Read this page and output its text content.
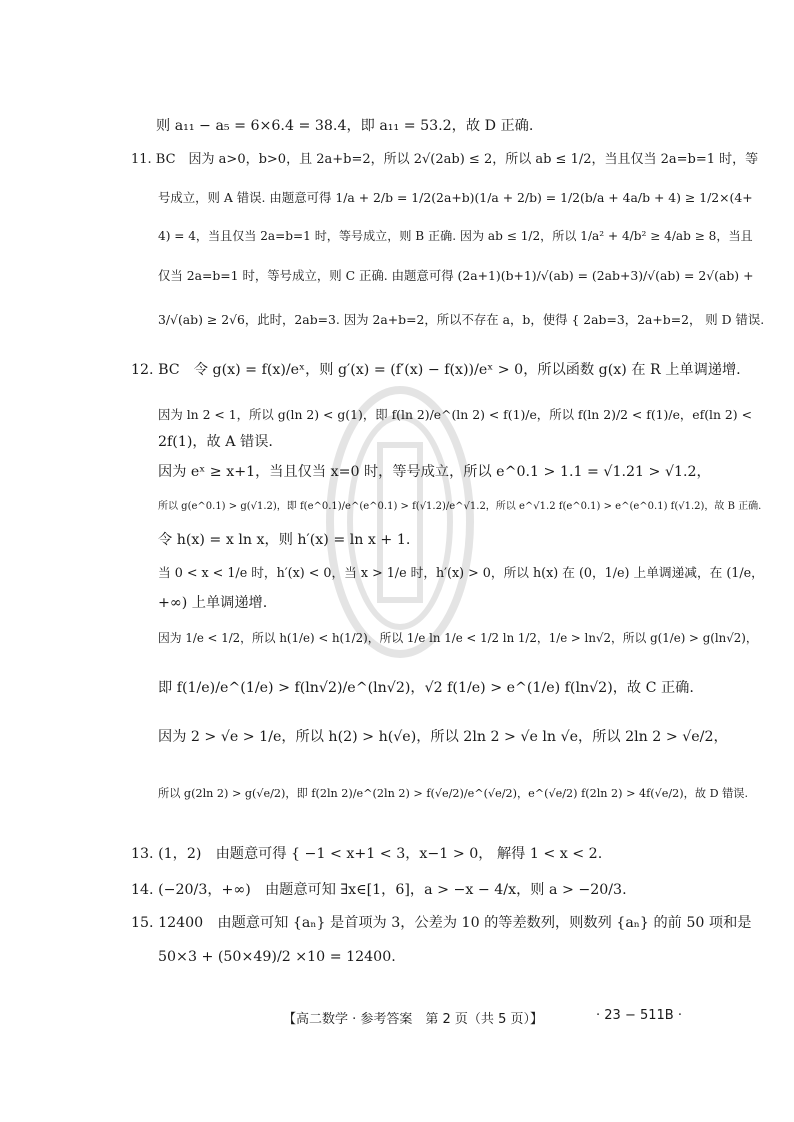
则 a₁₁ − a₅ = 6×6.4 = 38.4，即 a₁₁ = 53.2，故 D 正确.
11. BC　因为 a>0，b>0，且 2a+b=2，所以 2√(2ab) ≤ 2，所以 ab ≤ 1/2，当且仅当 2a=b=1 时，等
号成立，则 A 错误. 由题意可得 1/a + 2/b = 1/2(2a+b)(1/a + 2/b) = 1/2(b/a + 4a/b + 4) ≥ 1/2×(4+
4) = 4，当且仅当 2a=b=1 时，等号成立，则 B 正确. 因为 ab ≤ 1/2，所以 1/a² + 4/b² ≥ 4/ab ≥ 8，当且
仅当 2a=b=1 时，等号成立，则 C 正确. 由题意可得 (2a+1)(b+1)/√(ab) = (2ab+3)/√(ab) = 2√(ab) +
3/√(ab) ≥ 2√6，此时，2ab=3. 因为 2a+b=2，所以不存在 a，b，使得 { 2ab=3，2a+b=2， 则 D 错误.
12. BC　令 g(x) = f(x)/eˣ，则 g′(x) = (f′(x) − f(x))/eˣ > 0，所以函数 g(x) 在 R 上单调递增.
因为 ln 2 < 1，所以 g(ln 2) < g(1)，即 f(ln 2)/e^(ln 2) < f(1)/e，所以 f(ln 2)/2 < f(1)/e，ef(ln 2) <
2f(1)，故 A 错误.
因为 eˣ ≥ x+1，当且仅当 x=0 时，等号成立，所以 e^0.1 > 1.1 = √1.21 > √1.2，
所以 g(e^0.1) > g(√1.2)，即 f(e^0.1)/e^(e^0.1) > f(√1.2)/e^√1.2，所以 e^√1.2 f(e^0.1) > e^(e^0.1) f(√1.2)，故 B 正确.
令 h(x) = x ln x，则 h′(x) = ln x + 1.
当 0 < x < 1/e 时，h′(x) < 0，当 x > 1/e 时，h′(x) > 0，所以 h(x) 在 (0，1/e) 上单调递减，在 (1/e，
+∞) 上单调递增.
因为 1/e < 1/2，所以 h(1/e) < h(1/2)，所以 1/e ln 1/e < 1/2 ln 1/2，1/e > ln√2，所以 g(1/e) > g(ln√2)，
即 f(1/e)/e^(1/e) > f(ln√2)/e^(ln√2)，√2 f(1/e) > e^(1/e) f(ln√2)，故 C 正确.
因为 2 > √e > 1/e，所以 h(2) > h(√e)，所以 2ln 2 > √e ln √e，所以 2ln 2 > √e/2，
所以 g(2ln 2) > g(√e/2)，即 f(2ln 2)/e^(2ln 2) > f(√e/2)/e^(√e/2)，e^(√e/2) f(2ln 2) > 4f(√e/2)，故 D 错误.
13. (1，2)　由题意可得 { −1 < x+1 < 3，x−1 > 0， 解得 1 < x < 2.
14. (−20/3，+∞)　由题意可知 ∃x∈[1，6]，a > −x − 4/x，则 a > −20/3.
15. 12400　由题意可知 {aₙ} 是首项为 3，公差为 10 的等差数列，则数列 {aₙ} 的前 50 项和是
50×3 + (50×49)/2 ×10 = 12400.
【高二数学 · 参考答案　第 2 页（共 5 页）】	· 23 − 511B ·
